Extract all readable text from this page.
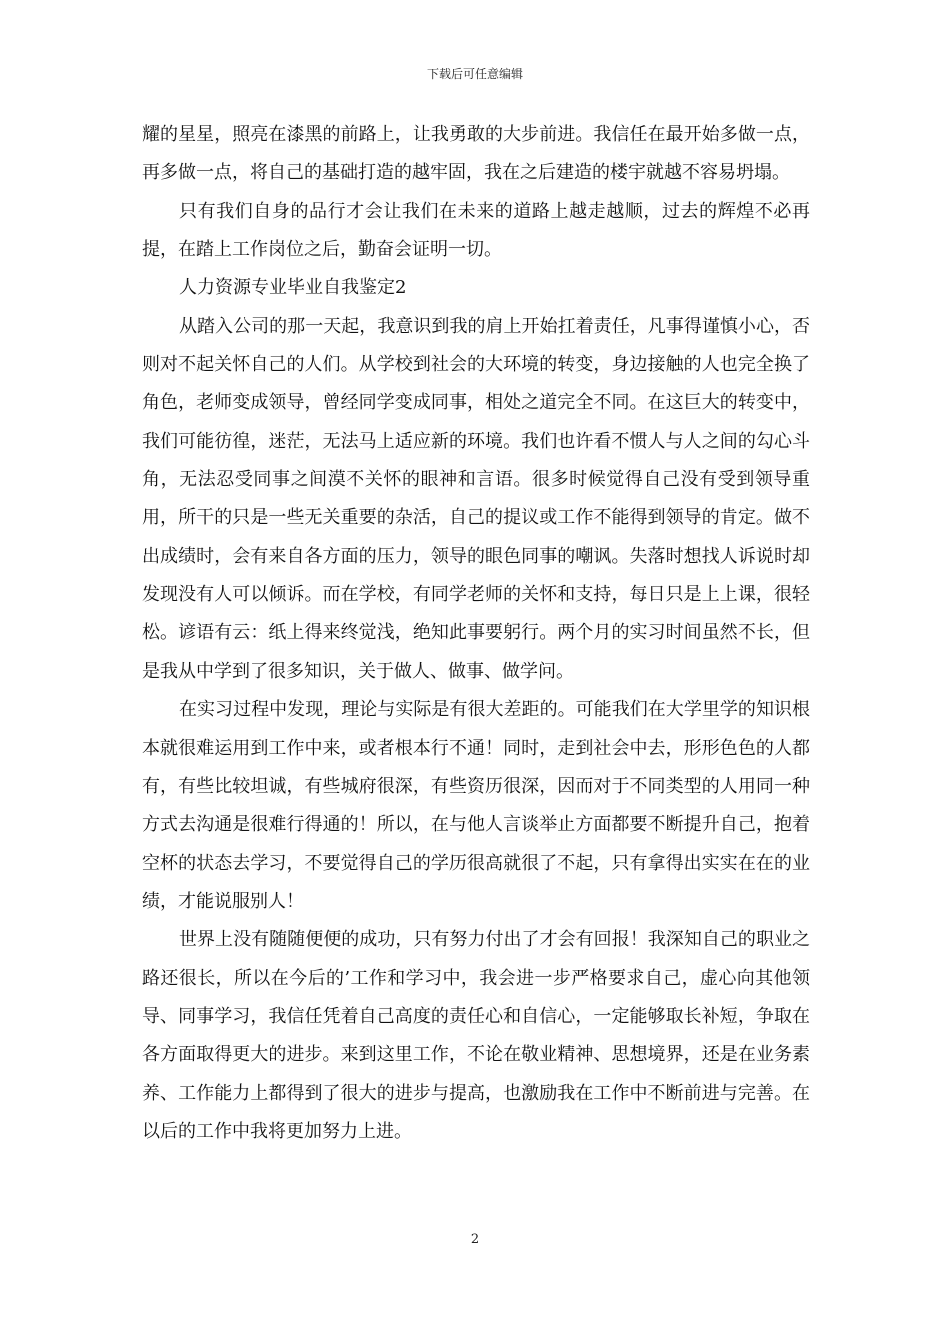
下载后可任意编辑

耀的星星，照亮在漆黑的前路上，让我勇敢的大步前进。我信任在最开始多做一点，再多做一点，将自己的基础打造的越牢固，我在之后建造的楼宇就越不容易坍塌。

只有我们自身的品行才会让我们在未来的道路上越走越顺，过去的辉煌不必再提，在踏上工作岗位之后，勤奋会证明一切。

人力资源专业毕业自我鉴定2

从踏入公司的那一天起，我意识到我的肩上开始扛着责任，凡事得谨慎小心，否则对不起关怀自己的人们。从学校到社会的大环境的转变，身边接触的人也完全换了角色，老师变成领导，曾经同学变成同事，相处之道完全不同。在这巨大的转变中，我们可能彷徨，迷茫，无法马上适应新的环境。我们也许看不惯人与人之间的勾心斗角，无法忍受同事之间漠不关怀的眼神和言语。很多时候觉得自己没有受到领导重用，所干的只是一些无关重要的杂活，自己的提议或工作不能得到领导的肯定。做不出成绩时，会有来自各方面的压力，领导的眼色同事的嘲讽。失落时想找人诉说时却发现没有人可以倾诉。而在学校，有同学老师的关怀和支持，每日只是上上课，很轻松。谚语有云：纸上得来终觉浅，绝知此事要躬行。两个月的实习时间虽然不长，但是我从中学到了很多知识，关于做人、做事、做学问。

在实习过程中发现，理论与实际是有很大差距的。可能我们在大学里学的知识根本就很难运用到工作中来，或者根本行不通！同时，走到社会中去，形形色色的人都有，有些比较坦诚，有些城府很深，有些资历很深，因而对于不同类型的人用同一种方式去沟通是很难行得通的！所以，在与他人言谈举止方面都要不断提升自己，抱着空杯的状态去学习，不要觉得自己的学历很高就很了不起，只有拿得出实实在在的业绩，才能说服别人！

世界上没有随随便便的成功，只有努力付出了才会有回报！我深知自己的职业之路还很长，所以在今后的’工作和学习中，我会进一步严格要求自己，虚心向其他领导、同事学习，我信任凭着自己高度的责任心和自信心，一定能够取长补短，争取在各方面取得更大的进步。来到这里工作，不论在敬业精神、思想境界，还是在业务素养、工作能力上都得到了很大的进步与提高，也激励我在工作中不断前进与完善。在以后的工作中我将更加努力上进。

2
